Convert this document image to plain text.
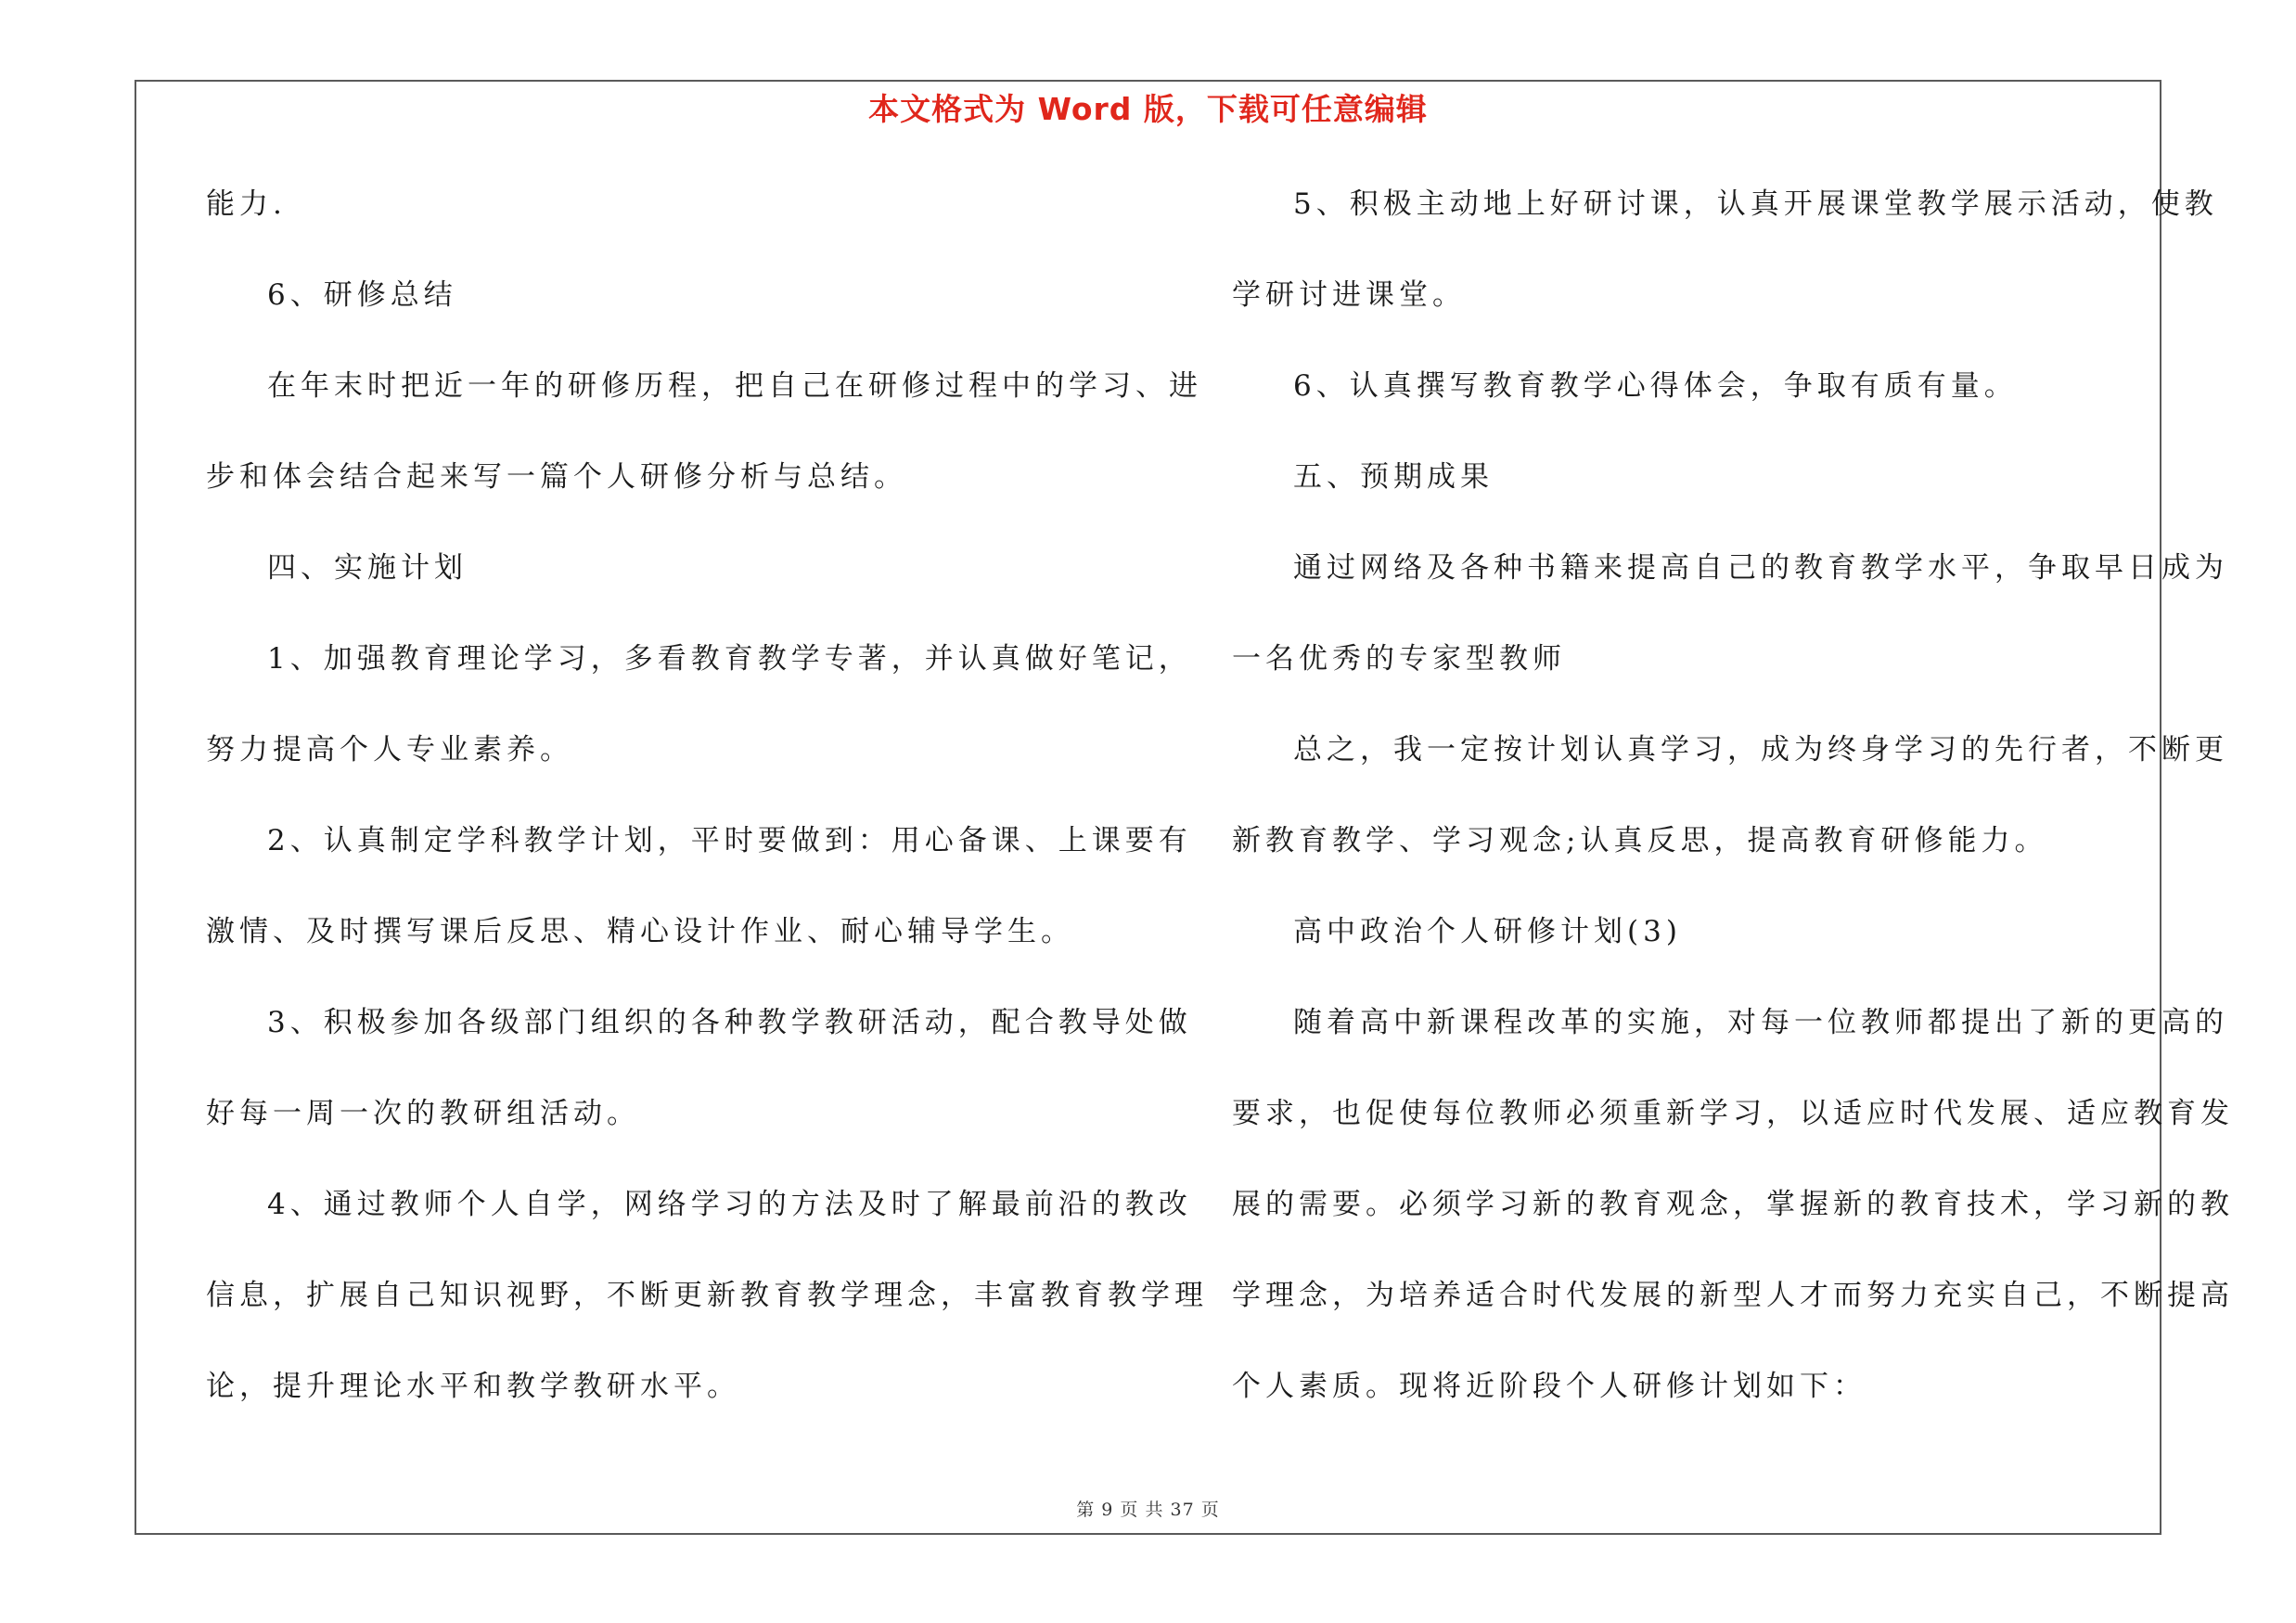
本文格式为 Word 版，下载可任意编辑
能力.
6、研修总结
在年末时把近一年的研修历程，把自己在研修过程中的学习、进
步和体会结合起来写一篇个人研修分析与总结。
四、实施计划
1、加强教育理论学习，多看教育教学专著，并认真做好笔记，
努力提高个人专业素养。
2、认真制定学科教学计划，平时要做到：用心备课、上课要有
激情、及时撰写课后反思、精心设计作业、耐心辅导学生。
3、积极参加各级部门组织的各种教学教研活动，配合教导处做
好每一周一次的教研组活动。
4、通过教师个人自学，网络学习的方法及时了解最前沿的教改
信息，扩展自己知识视野，不断更新教育教学理念，丰富教育教学理
论，提升理论水平和教学教研水平。
5、积极主动地上好研讨课，认真开展课堂教学展示活动，使教
学研讨进课堂。
6、认真撰写教育教学心得体会，争取有质有量。
五、预期成果
通过网络及各种书籍来提高自己的教育教学水平，争取早日成为
一名优秀的专家型教师
总之，我一定按计划认真学习，成为终身学习的先行者，不断更
新教育教学、学习观念;认真反思，提高教育研修能力。
高中政治个人研修计划(3)
随着高中新课程改革的实施，对每一位教师都提出了新的更高的
要求，也促使每位教师必须重新学习，以适应时代发展、适应教育发
展的需要。必须学习新的教育观念，掌握新的教育技术，学习新的教
学理念，为培养适合时代发展的新型人才而努力充实自己，不断提高
个人素质。现将近阶段个人研修计划如下：
第 9 页 共 37 页
